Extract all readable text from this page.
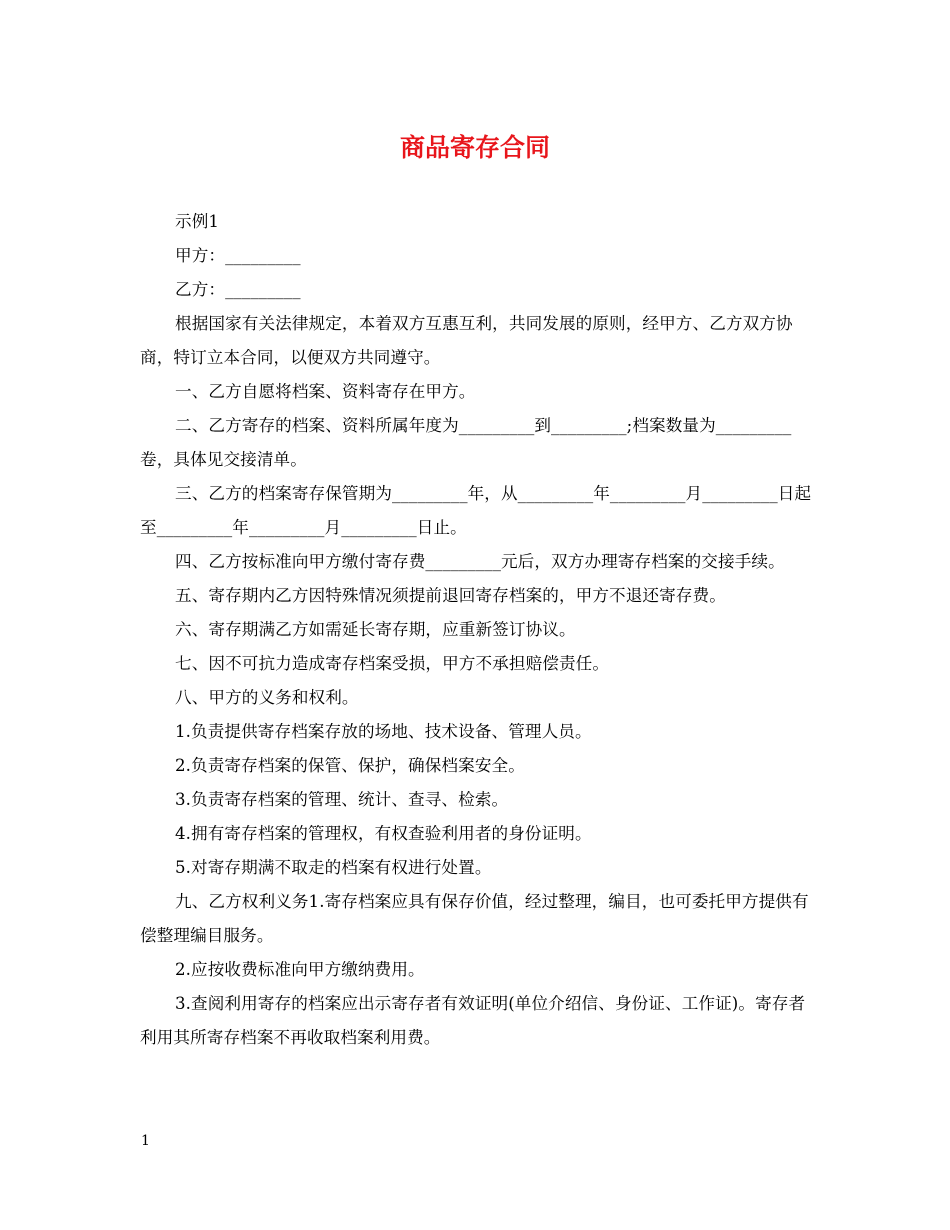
商品寄存合同

示例1

甲方：_________

乙方：_________

根据国家有关法律规定，本着双方互惠互利，共同发展的原则，经甲方、乙方双方协商，特订立本合同，以便双方共同遵守。

一、乙方自愿将档案、资料寄存在甲方。

二、乙方寄存的档案、资料所属年度为_________到_________;档案数量为_________卷，具体见交接清单。

三、乙方的档案寄存保管期为_________年，从_________年_________月_________日起至_________年_________月_________日止。

四、乙方按标准向甲方缴付寄存费_________元后，双方办理寄存档案的交接手续。

五、寄存期内乙方因特殊情况须提前退回寄存档案的，甲方不退还寄存费。

六、寄存期满乙方如需延长寄存期，应重新签订协议。

七、因不可抗力造成寄存档案受损，甲方不承担赔偿责任。

八、甲方的义务和权利。

1.负责提供寄存档案存放的场地、技术设备、管理人员。

2.负责寄存档案的保管、保护，确保档案安全。

3.负责寄存档案的管理、统计、查寻、检索。

4.拥有寄存档案的管理权，有权查验利用者的身份证明。

5.对寄存期满不取走的档案有权进行处置。

九、乙方权利义务1.寄存档案应具有保存价值，经过整理，编目，也可委托甲方提供有偿整理编目服务。

2.应按收费标准向甲方缴纳费用。

3.查阅利用寄存的档案应出示寄存者有效证明(单位介绍信、身份证、工作证)。寄存者利用其所寄存档案不再收取档案利用费。

1
